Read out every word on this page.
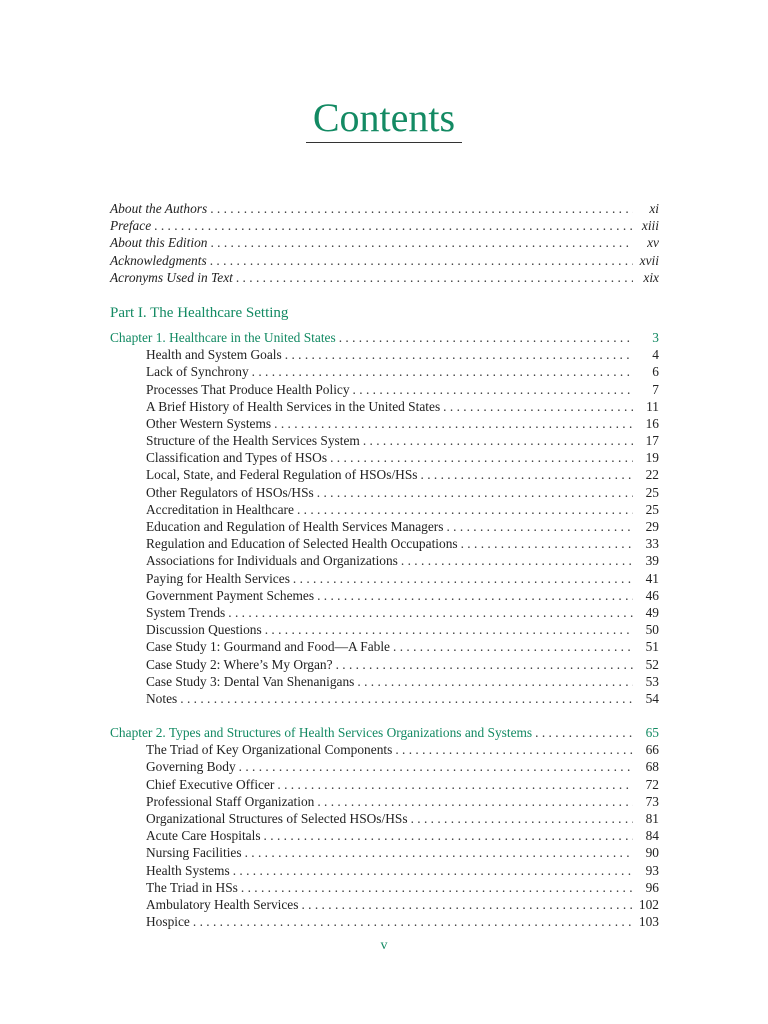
Contents
About the Authors . . .	xi
Preface . . .	xiii
About this Edition . . .	xv
Acknowledgments . . .	xvii
Acronyms Used in Text . . .	xix
Part I. The Healthcare Setting
Chapter 1. Healthcare in the United States . . .	3
Health and System Goals . . .	4
Lack of Synchrony . . .	6
Processes That Produce Health Policy . . .	7
A Brief History of Health Services in the United States . . .	11
Other Western Systems . . .	16
Structure of the Health Services System . . .	17
Classification and Types of HSOs . . .	19
Local, State, and Federal Regulation of HSOs/HSs . . .	22
Other Regulators of HSOs/HSs . . .	25
Accreditation in Healthcare . . .	25
Education and Regulation of Health Services Managers . . .	29
Regulation and Education of Selected Health Occupations . . .	33
Associations for Individuals and Organizations . . .	39
Paying for Health Services . . .	41
Government Payment Schemes . . .	46
System Trends . . .	49
Discussion Questions . . .	50
Case Study 1: Gourmand and Food—A Fable . . .	51
Case Study 2: Where’s My Organ? . . .	52
Case Study 3: Dental Van Shenanigans . . .	53
Notes . . .	54
Chapter 2. Types and Structures of Health Services Organizations and Systems . . .	65
The Triad of Key Organizational Components . . .	66
Governing Body . . .	68
Chief Executive Officer . . .	72
Professional Staff Organization . . .	73
Organizational Structures of Selected HSOs/HSs . . .	81
Acute Care Hospitals . . .	84
Nursing Facilities . . .	90
Health Systems . . .	93
The Triad in HSs . . .	96
Ambulatory Health Services . . .	102
Hospice . . .	103
v
